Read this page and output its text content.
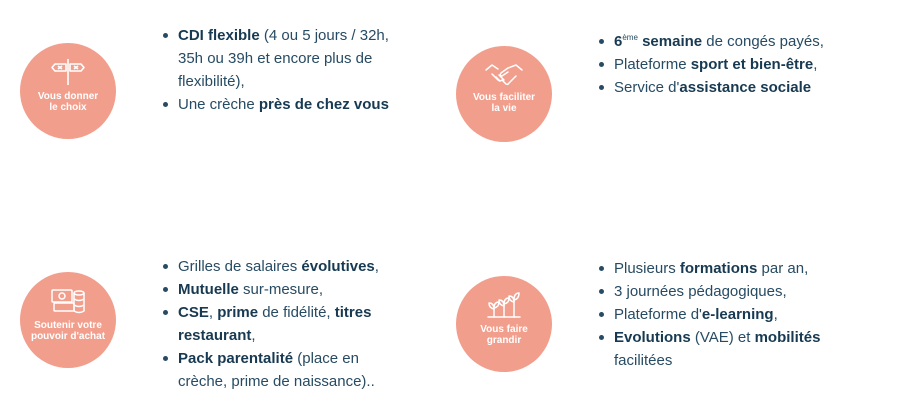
Vous donner
le choix
CDI flexible (4 ou 5 jours / 32h, 35h ou 39h et encore plus de flexibilité),
Une crèche près de chez vous	Vous faciliter
la vie
6ème semaine de congés payés,
Plateforme sport et bien-être,
Service d'assistance sociale
Soutenir votre
pouvoir d'achat
Grilles de salaires évolutives,
Mutuelle sur-mesure,
CSE, prime de fidélité, titres restaurant,
Pack parentalité (place en crèche, prime de naissance)..
Vous faire
grandir
Plusieurs formations par an,
3 journées pédagogiques,
Plateforme d'e-learning,
Evolutions (VAE) et mobilités facilitées
